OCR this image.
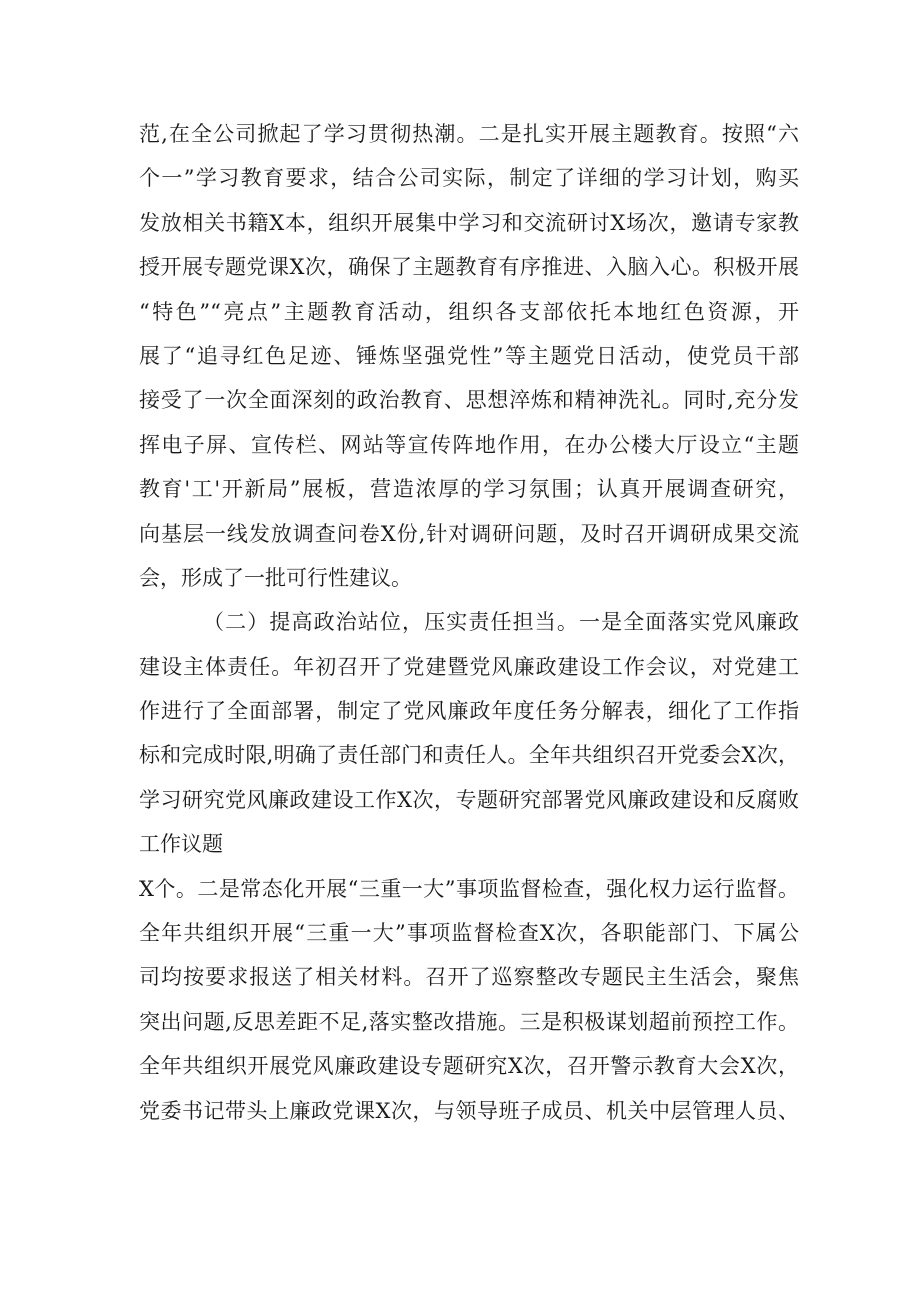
范,在全公司掀起了学习贯彻热潮。二是扎实开展主题教育。按照“六
个一”学习教育要求，结合公司实际，制定了详细的学习计划，购买
发放相关书籍X本，组织开展集中学习和交流研讨X场次，邀请专家教
授开展专题党课X次，确保了主题教育有序推进、入脑入心。积极开展
“特色”“亮点”主题教育活动，组织各支部依托本地红色资源，开
展了“追寻红色足迹、锤炼坚强党性”等主题党日活动，使党员干部
接受了一次全面深刻的政治教育、思想淬炼和精神洗礼。同时,充分发
挥电子屏、宣传栏、网站等宣传阵地作用，在办公楼大厅设立“主题
教育'工'开新局”展板，营造浓厚的学习氛围；认真开展调查研究，
向基层一线发放调查问卷X份,针对调研问题，及时召开调研成果交流
会，形成了一批可行性建议。
（二）提高政治站位，压实责任担当。一是全面落实党风廉政
建设主体责任。年初召开了党建暨党风廉政建设工作会议，对党建工
作进行了全面部署，制定了党风廉政年度任务分解表，细化了工作指
标和完成时限,明确了责任部门和责任人。全年共组织召开党委会X次，
学习研究党风廉政建设工作X次，专题研究部署党风廉政建设和反腐败
工作议题
X个。二是常态化开展“三重一大”事项监督检查，强化权力运行监督。
全年共组织开展“三重一大”事项监督检查X次，各职能部门、下属公
司均按要求报送了相关材料。召开了巡察整改专题民主生活会，聚焦
突出问题,反思差距不足,落实整改措施。三是积极谋划超前预控工作。
全年共组织开展党风廉政建设专题研究X次，召开警示教育大会X次，
党委书记带头上廉政党课X次，与领导班子成员、机关中层管理人员、
